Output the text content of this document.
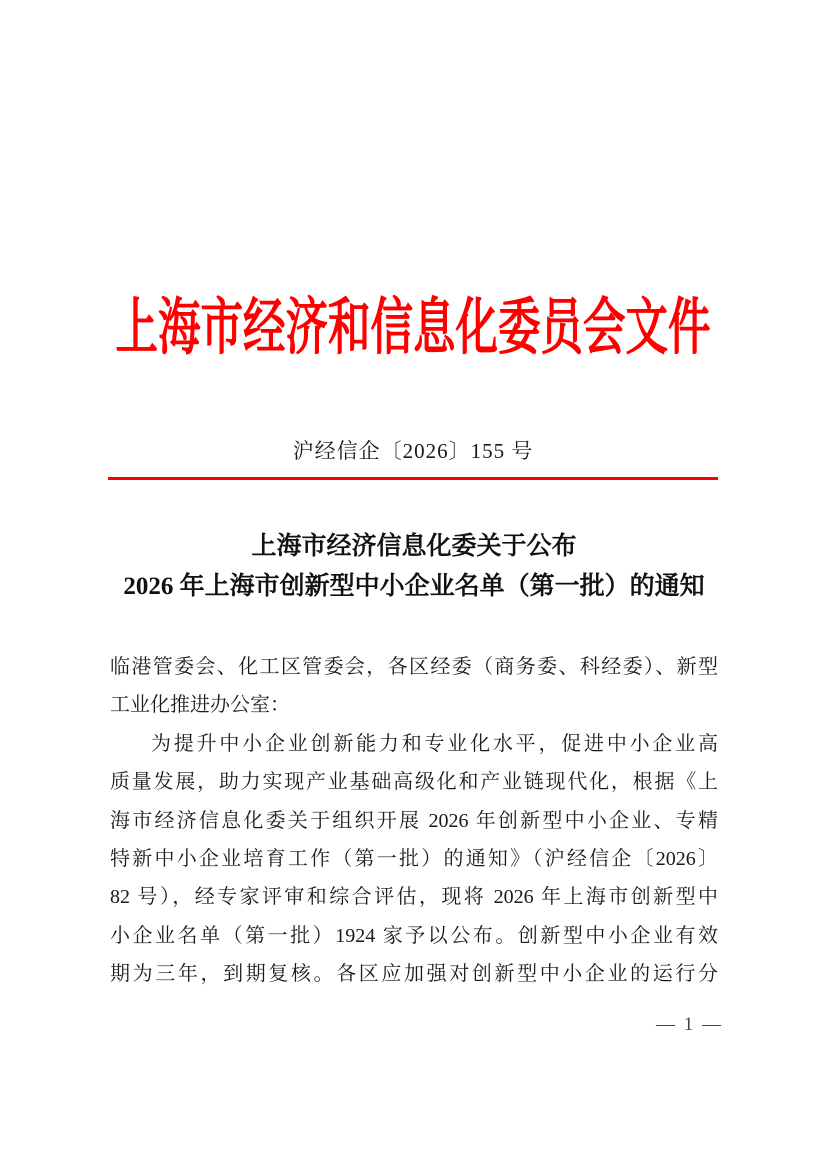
上海市经济和信息化委员会文件
沪经信企〔2026〕155 号
上海市经济信息化委关于公布
2026 年上海市创新型中小企业名单（第一批）的通知
临港管委会、化工区管委会，各区经委（商务委、科经委）、新型
工业化推进办公室：
为提升中小企业创新能力和专业化水平，促进中小企业高
质量发展，助力实现产业基础高级化和产业链现代化，根据《上
海市经济信息化委关于组织开展 2026 年创新型中小企业、专精
特新中小企业培育工作（第一批）的通知》（沪经信企〔2026〕
82 号），经专家评审和综合评估，现将 2026 年上海市创新型中
小企业名单（第一批）1924 家予以公布。创新型中小企业有效
期为三年，到期复核。各区应加强对创新型中小企业的运行分
— 1 —
